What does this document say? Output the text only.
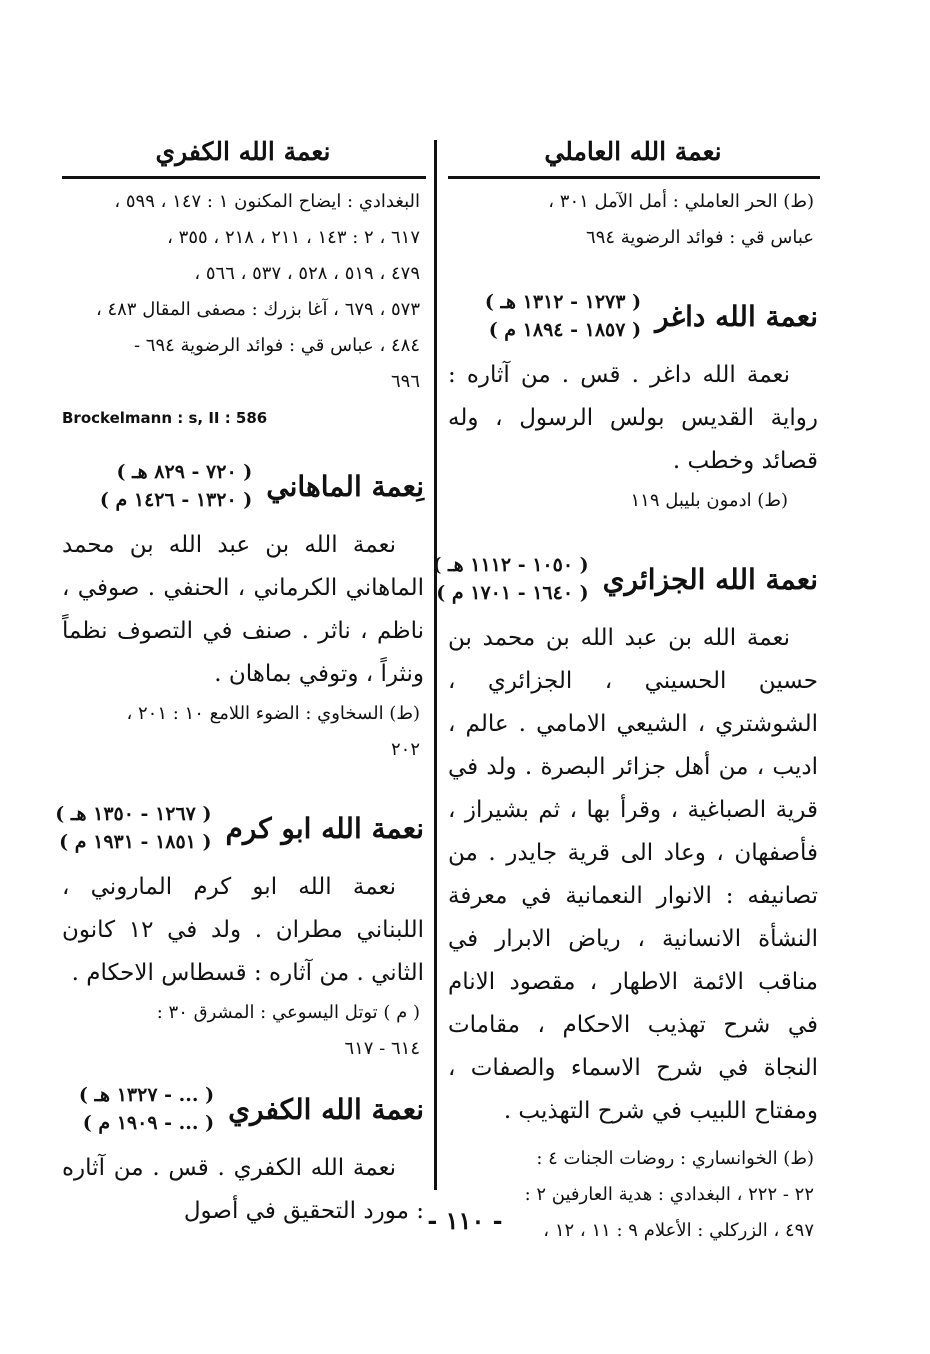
نعمة الله العاملي
(ط) الحر العاملي : أمل الآمل ٣٠١ ،
عباس قي : فوائد الرضوية ٦٩٤
نعمة الله داغر
( ١٢٧٣ - ١٣١٢ هـ )
( ١٨٥٧ - ١٨٩٤ م )

نعمة الله داغر . قس . من آثاره : رواية القديس بولس الرسول ، وله قصائد وخطب .

(ط) ادمون بليبل ١١٩
نعمة الله الجزائري
( ١٠٥٠ - ١١١٢ هـ )
( ١٦٤٠ - ١٧٠١ م )

نعمة الله بن عبد الله بن محمد بن حسين الحسيني ، الجزائري ، الشوشتري ، الشيعي الامامي . عالم ، اديب ، من أهل جزائر البصرة . ولد في قرية الصباغية ، وقرأ بها ، ثم بشيراز ، فأصفهان ، وعاد الى قرية جايدر . من تصانيفه : الانوار النعمانية في معرفة النشأة الانسانية ، رياض الابرار في مناقب الائمة الاطهار ، مقصود الانام في شرح تهذيب الاحكام ، مقامات النجاة في شرح الاسماء والصفات ، ومفتاح اللبيب في شرح التهذيب .

(ط) الخوانساري : روضات الجنات ٤ :
٢٢ - ٢٢٢ ، البغدادي : هدية العارفين ٢ :
٤٩٧ ، الزركلي : الأعلام ٩ : ١١ ، ١٢ ،
نعمة الله الكفري
البغدادي : ايضاح المكنون ١ : ١٤٧ ، ٥٩٩ ،
٦١٧ ، ٢ : ١٤٣ ، ٢١١ ، ٢١٨ ، ٣٥٥ ،
٤٧٩ ، ٥١٩ ، ٥٢٨ ، ٥٣٧ ، ٥٦٦ ،
٥٧٣ ، ٦٧٩ ، آغا بزرك : مصفى المقال ٤٨٣ ،
٤٨٤ ، عباس قي : فوائد الرضوية ٦٩٤ -
٦٩٦
Brockelmann : s, II : 586
نِعمة الماهاني
( ٧٢٠ - ٨٢٩ هـ )
( ١٣٢٠ - ١٤٢٦ م )

نعمة الله بن عبد الله بن محمد الماهاني الكرماني ، الحنفي . صوفي ، ناظم ، ناثر . صنف في التصوف نظماً ونثراً ، وتوفي بماهان .

(ط) السخاوي : الضوء اللامع ١٠ : ٢٠١ ،
٢٠٢
نعمة الله ابو كرم
( ١٢٦٧ - ١٣٥٠ هـ )
( ١٨٥١ - ١٩٣١ م )

نعمة الله ابو كرم الماروني ، اللبناني مطران . ولد في ١٢ كانون الثاني . من آثاره : قسطاس الاحكام .

( م ) توتل اليسوعي : المشرق ٣٠ :
٦١٤ - ٦١٧
نعمة الله الكفري
( ... - ١٣٢٧ هـ )
( ... - ١٩٠٩ م )

نعمة الله الكفري . قس . من آثاره : مورد التحقيق في أصول - ١١٠ -
